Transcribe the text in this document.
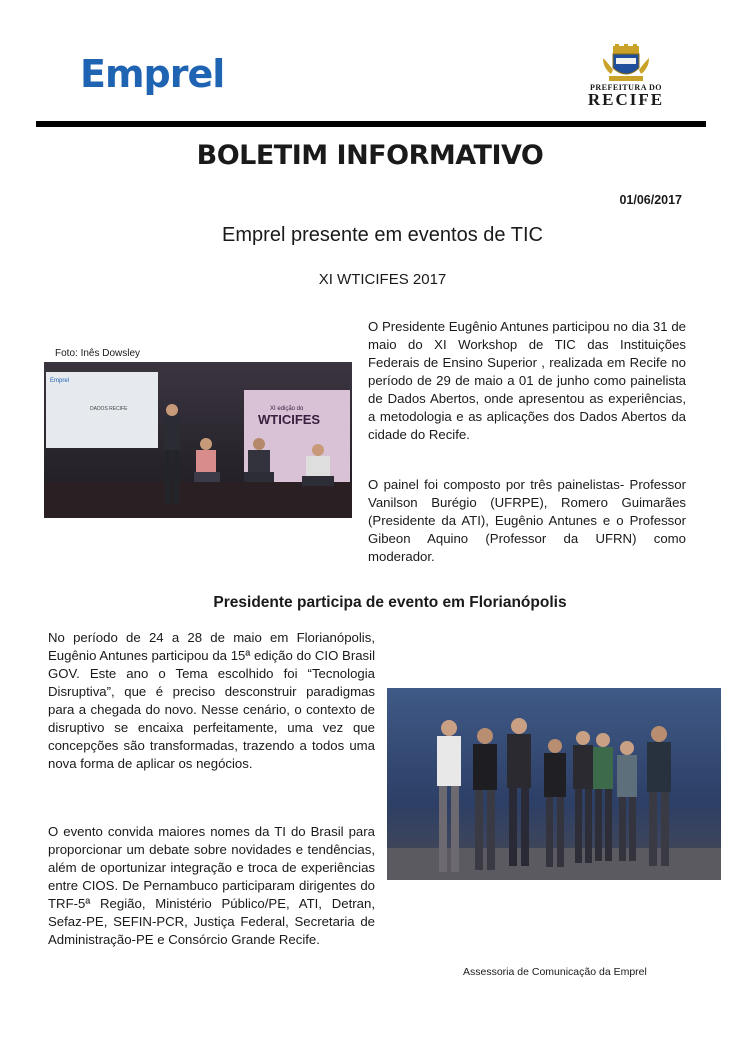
Emprel	PREFEITURA DO
RECIFE
BOLETIM INFORMATIVO
01/06/2017
Emprel presente em eventos de TIC
XI WTICIFES 2017
Foto: Inês Dowsley
Emprel
DADOS RECIFE	XI edição do
WTICIFES
O Presidente Eugênio Antunes participou no dia 31 de maio do XI Workshop de TIC das Instituições Federais de Ensino Superior , realizada em Recife no período de 29 de maio a 01 de junho como painelista de Dados Abertos, onde apresentou as experiências, a metodologia e as aplicações dos Dados Abertos da cidade do Recife.
O painel foi composto por três painelistas- Professor Vanilson Burégio (UFRPE), Romero Guimarães (Presidente da ATI), Eugênio Antunes e o Professor Gibeon Aquino (Professor da UFRN) como moderador.
Presidente participa de evento em Florianópolis
No período de 24 a 28 de maio em Florianópolis, Eugênio Antunes participou da 15ª edição do CIO Brasil GOV. Este ano o Tema escolhido foi “Tecnologia Disruptiva”, que é preciso desconstruir paradigmas para a chegada do novo. Nesse cenário, o contexto de disruptivo se encaixa perfeitamente, uma vez que concepções são transformadas, trazendo a todos uma nova forma de aplicar os negócios.
O evento convida maiores nomes da TI do Brasil para proporcionar um debate sobre novidades e tendências, além de oportunizar integração e troca de experiências entre CIOS. De Pernambuco participaram dirigentes do TRF-5ª Região, Ministério Público/PE, ATI, Detran, Sefaz-PE, SEFIN-PCR, Justiça Federal, Secretaria de Administração-PE e Consórcio Grande Recife.
Assessoria de Comunicação da Emprel
